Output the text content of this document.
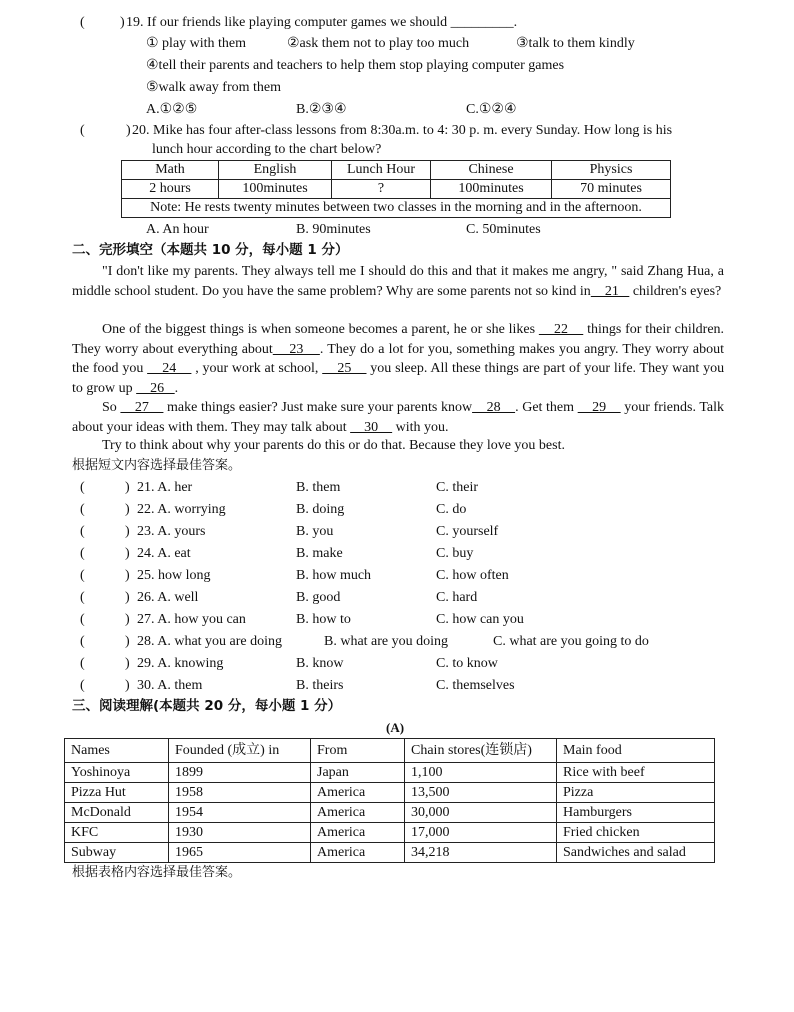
(	) 19. If our friends like playing computer games we should _________.
① play with them	②ask them not to play too much	③talk to them kindly
④tell their parents and teachers to help them stop playing computer games
⑤walk away from them
A.①②⑤	B.②③④	C.①②④
(	) 20. Mike has four after-class lessons from 8:30a.m. to 4: 30 p. m. every Sunday. How long is his
lunch hour according to the chart below?
Math	English	Lunch Hour	Chinese	Physics
2 hours	100minutes	?	100minutes	70 minutes
Note: He rests twenty minutes between two classes in the morning and in the afternoon.				
A. An hour	B. 90minutes	C. 50minutes
二、完形填空（本题共 10 分，每小题 1 分）
"I don't like my parents. They always tell me I should do this and that it makes me angry, " said Zhang Hua, a middle school student. Do you have the same problem? Why are some parents not so kind in    21    children's eyes?
One of the biggest things is when someone becomes a parent, he or she likes     22     things for their children. They worry about everything about    23    . They do a lot for you, something makes you angry. They worry about the food you     24     , your work at school,     25     you sleep. All these things are part of your life. They want you to grow up     26   .
So     27     make things easier? Just make sure your parents know    28    . Get them     29     your friends. Talk about your ideas with them. They may talk about     30     with you.
Try to think about why your parents do this or do that. Because they love you best.
根据短文内容选择最佳答案。
(	) 21. A. her	B. them	C. their
(	) 22. A. worrying	B. doing	C. do
(	) 23. A. yours	B. you	C. yourself
(	) 24. A. eat	B. make	C. buy
(	) 25. how long	B. how much	C. how often
(	) 26. A. well	B. good	C. hard
(	) 27. A. how you can	B. how to	C. how can you
(	) 28. A. what you are doing	B. what are you doing	C. what are you going to do
(	) 29. A. knowing	B. know	C. to know
(	) 30. A. them	B. theirs	C. themselves
三、阅读理解(本题共 20 分，每小题 1 分）
(A)
Names	Founded (成立) in	From	Chain stores(连锁店)	Main food
Yoshinoya	1899	Japan	1,100	Rice with beef
Pizza Hut	1958	America	13,500	Pizza
McDonald	1954	America	30,000	Hamburgers
KFC	1930	America	17,000	Fried chicken
Subway	1965	America	34,218	Sandwiches and salad
根据表格内容选择最佳答案。
